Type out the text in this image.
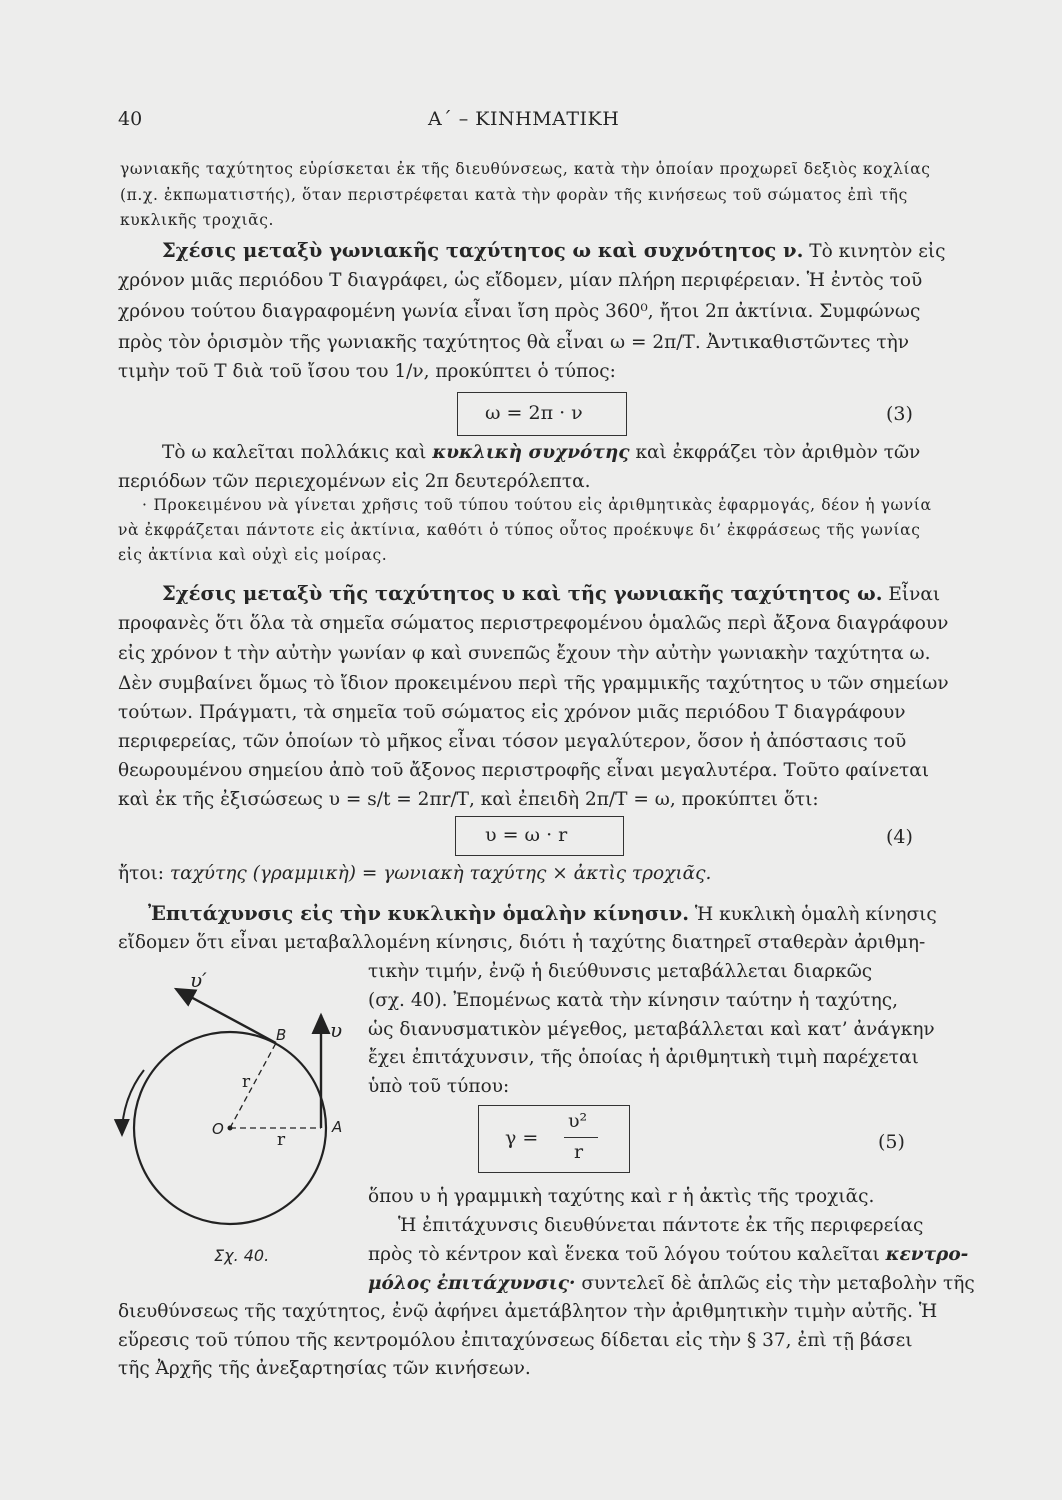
40	Α΄ – ΚΙΝΗΜΑΤΙΚΗ
γωνιακῆς ταχύτητος εὑρίσκεται ἐκ τῆς διευθύνσεως, κατὰ τὴν ὁποίαν προχωρεῖ δεξιὸς κοχλίας
(π.χ. ἐκπωματιστής), ὅταν περιστρέφεται κατὰ τὴν φορὰν τῆς κινήσεως τοῦ σώματος ἐπὶ τῆς
κυκλικῆς τροχιᾶς.
Σχέσις μεταξὺ γωνιακῆς ταχύτητος ω καὶ συχνότητος ν. Τὸ κινητὸν εἰς
χρόνον μιᾶς περιόδου Τ διαγράφει, ὡς εἴδομεν, μίαν πλήρη περιφέρειαν. Ἡ ἐντὸς τοῦ
χρόνου τούτου διαγραφομένη γωνία εἶναι ἴση πρὸς 360⁰, ἤτοι 2π ἀκτίνια. Συμφώνως
πρὸς τὸν ὁρισμὸν τῆς γωνιακῆς ταχύτητος θὰ εἶναι ω = 2π/Τ. Ἀντικαθιστῶντες τὴν
τιμὴν τοῦ Τ διὰ τοῦ ἴσου του 1/ν, προκύπτει ὁ τύπος:
ω = 2π · ν	(3)
Τὸ ω καλεῖται πολλάκις καὶ κυκλικὴ συχνότης καὶ ἐκφράζει τὸν ἀριθμὸν τῶν
περιόδων τῶν περιεχομένων εἰς 2π δευτερόλεπτα.
· Προκειμένου νὰ γίνεται χρῆσις τοῦ τύπου τούτου εἰς ἀριθμητικὰς ἐφαρμογάς, δέον ἡ γωνία
νὰ ἐκφράζεται πάντοτε εἰς ἀκτίνια, καθότι ὁ τύπος οὗτος προέκυψε δι’ ἐκφράσεως τῆς γωνίας
εἰς ἀκτίνια καὶ οὐχὶ εἰς μοίρας.
Σχέσις μεταξὺ τῆς ταχύτητος υ καὶ τῆς γωνιακῆς ταχύτητος ω. Εἶναι
προφανὲς ὅτι ὅλα τὰ σημεῖα σώματος περιστρεφομένου ὁμαλῶς περὶ ἄξονα διαγράφουν
εἰς χρόνον t τὴν αὐτὴν γωνίαν φ καὶ συνεπῶς ἔχουν τὴν αὐτὴν γωνιακὴν ταχύτητα ω.
Δὲν συμβαίνει ὅμως τὸ ἴδιον προκειμένου περὶ τῆς γραμμικῆς ταχύτητος υ τῶν σημείων
τούτων. Πράγματι, τὰ σημεῖα τοῦ σώματος εἰς χρόνον μιᾶς περιόδου Τ διαγράφουν
περιφερείας, τῶν ὁποίων τὸ μῆκος εἶναι τόσον μεγαλύτερον, ὅσον ἡ ἀπόστασις τοῦ
θεωρουμένου σημείου ἀπὸ τοῦ ἄξονος περιστροφῆς εἶναι μεγαλυτέρα. Τοῦτο φαίνεται
καὶ ἐκ τῆς ἐξισώσεως υ = s/t = 2πr/Τ, καὶ ἐπειδὴ 2π/Τ = ω, προκύπτει ὅτι:
υ = ω · r	(4)
ἤτοι: ταχύτης (γραμμικὴ) = γωνιακὴ ταχύτης × ἀκτὶς τροχιᾶς.
Ἐπιτάχυνσις εἰς τὴν κυκλικὴν ὁμαλὴν κίνησιν. Ἡ κυκλικὴ ὁμαλὴ κίνησις
εἴδομεν ὅτι εἶναι μεταβαλλομένη κίνησις, διότι ἡ ταχύτης διατηρεῖ σταθερὰν ἀριθμη-
τικὴν τιμήν, ἐνῷ ἡ διεύθυνσις μεταβάλλεται διαρκῶς
(σχ. 40). Ἐπομένως κατὰ τὴν κίνησιν ταύτην ἡ ταχύτης,
ὡς διανυσματικὸν μέγεθος, μεταβάλλεται καὶ κατ’ ἀνάγκην
ἔχει ἐπιτάχυνσιν, τῆς ὁποίας ἡ ἀριθμητικὴ τιμὴ παρέχεται
ὑπὸ τοῦ τύπου:
γ =
υ²
r	(5)
ὅπου υ ἡ γραμμικὴ ταχύτης καὶ r ἡ ἀκτὶς τῆς τροχιᾶς.
Ἡ ἐπιτάχυνσις διευθύνεται πάντοτε ἐκ τῆς περιφερείας
πρὸς τὸ κέντρον καὶ ἕνεκα τοῦ λόγου τούτου καλεῖται κεντρο-
μόλος ἐπιτάχυνσις· συντελεῖ δὲ ἁπλῶς εἰς τὴν μεταβολὴν τῆς
διευθύνσεως τῆς ταχύτητος, ἐνῷ ἀφήνει ἀμετάβλητον τὴν ἀριθμητικὴν τιμὴν αὐτῆς. Ἡ
εὕρεσις τοῦ τύπου τῆς κεντρομόλου ἐπιταχύνσεως δίδεται εἰς τὴν § 37, ἐπὶ τῇ βάσει
τῆς Ἀρχῆς τῆς ἀνεξαρτησίας τῶν κινήσεων.
υ′
υ
B
A
O
r
r
Σχ. 40.
